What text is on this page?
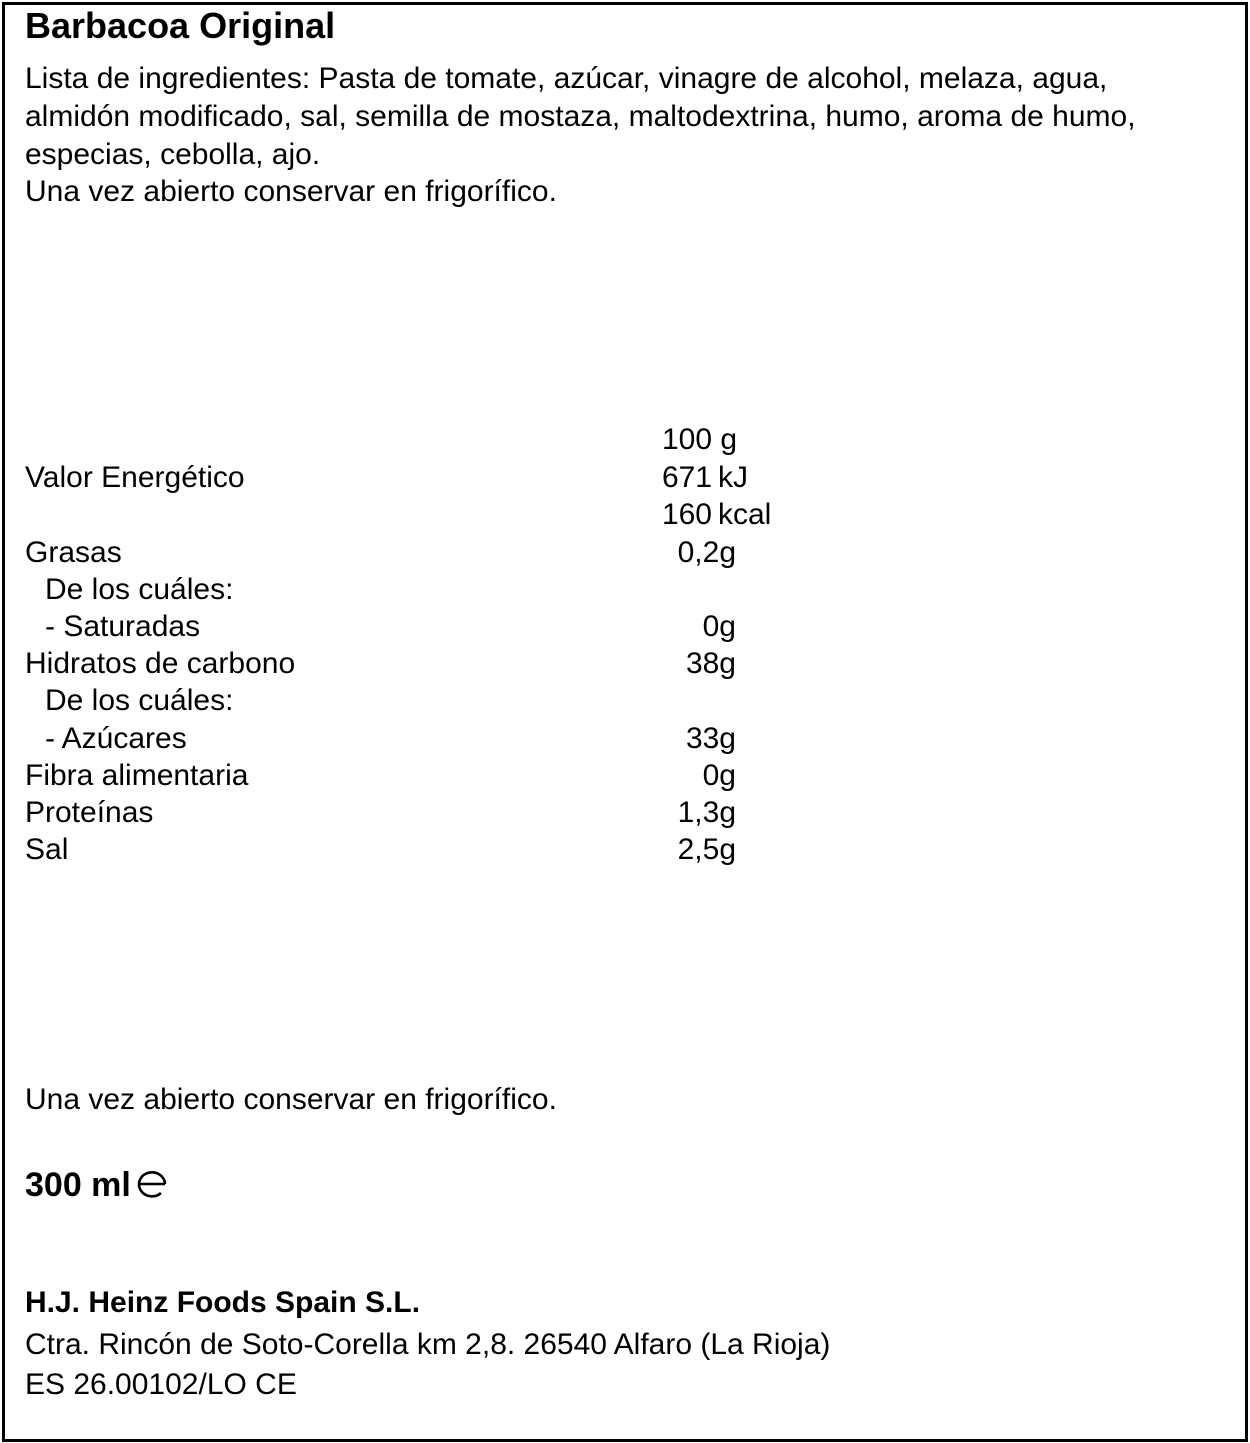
Barbacoa Original
Lista de ingredientes: Pasta de tomate, azúcar, vinagre de alcohol, melaza, agua, almidón modificado, sal, semilla de mostaza, maltodextrina, humo, aroma de humo, especias, cebolla, ajo.
Una vez abierto conservar en frigorífico.
100 g
Valor Energético	671 kJ
160 kcal
Grasas	0,2g
De los cuáles:
- Saturadas	0g
Hidratos de carbono	38g
De los cuáles:
- Azúcares	33g
Fibra alimentaria	0g
Proteínas	1,3g
Sal	2,5g
Una vez abierto conservar en frigorífico.
300 ml
H.J. Heinz Foods Spain S.L.
Ctra. Rincón de Soto-Corella km 2,8. 26540 Alfaro (La Rioja)
ES 26.00102/LO CE
